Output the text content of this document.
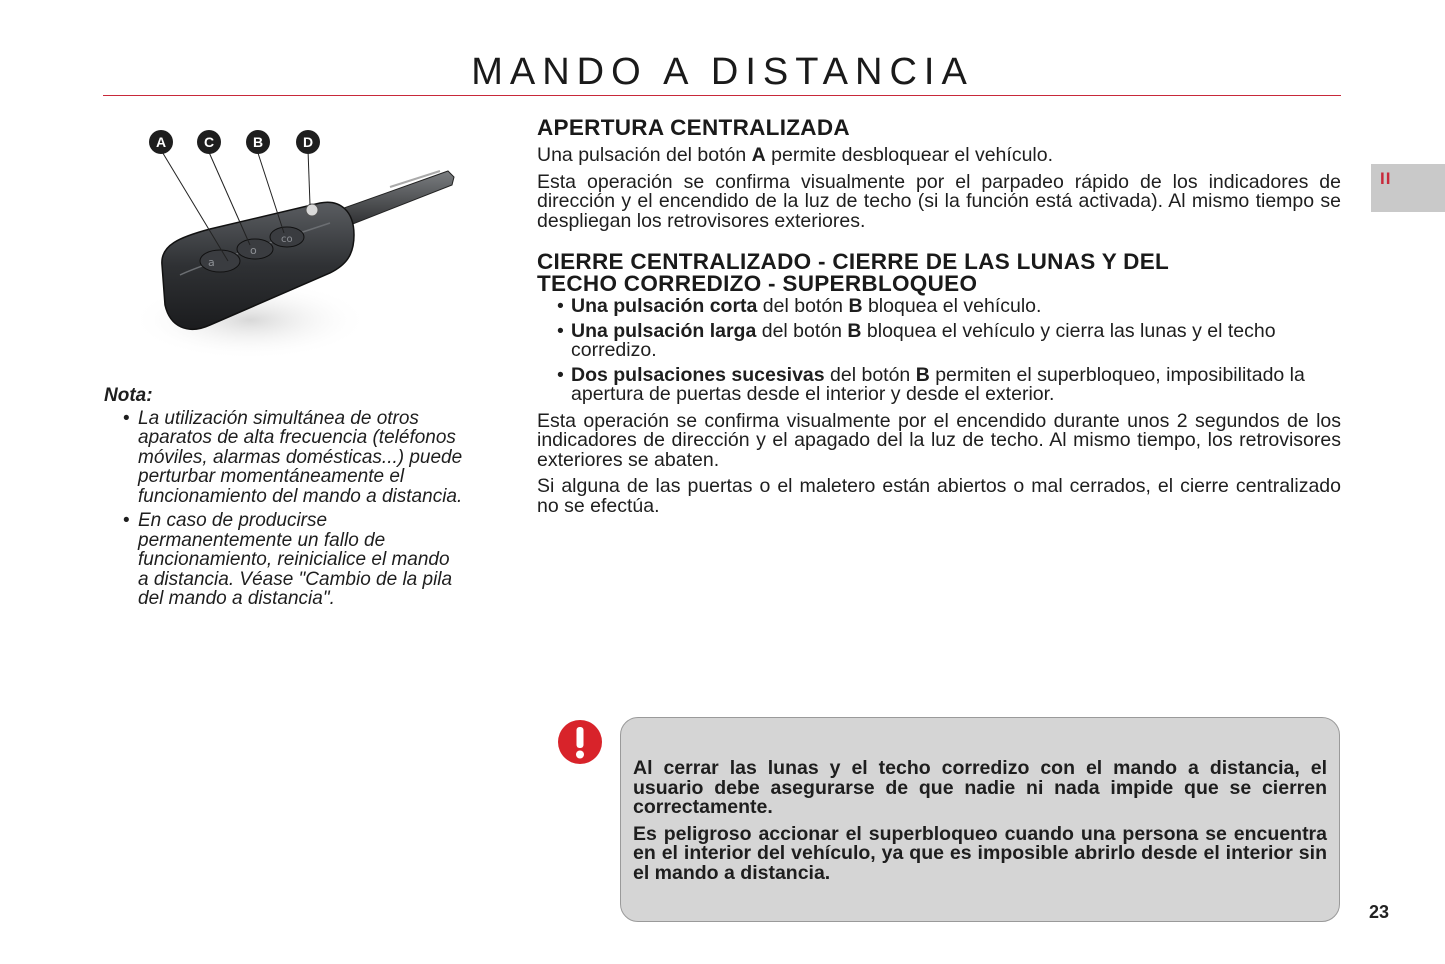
MANDO A DISTANCIA
II
a
o
co
A	C	B	D
Nota:
• La utilización simultánea de otros aparatos de alta frecuencia (teléfonos móviles, alarmas domésticas...) puede perturbar momentáneamente el funcionamiento del mando a distancia.
• En caso de producirse permanentemente un fallo de funcionamiento, reinicialice el mando a distancia. Véase "Cambio de la pila del mando a distancia".
APERTURA CENTRALIZADA

Una pulsación del botón A permite desbloquear el vehículo.

Esta operación se confirma visualmente por el parpadeo rápido de los indicadores de dirección y el encendido de la luz de techo (si la función está activada). Al mismo tiempo se despliegan los retrovisores exteriores.

CIERRE CENTRALIZADO - CIERRE DE LAS LUNAS Y DEL
TECHO CORREDIZO - SUPERBLOQUEO
• Una pulsación corta del botón B bloquea el vehículo.
• Una pulsación larga del botón B bloquea el vehículo y cierra las lunas y el techo corredizo.
• Dos pulsaciones sucesivas del botón B permiten el superbloqueo, imposibilitado la apertura de puertas desde el interior y desde el exterior.

Esta operación se confirma visualmente por el encendido durante unos 2 segundos de los indicadores de dirección y el apagado del la luz de techo. Al mismo tiempo, los retrovisores exteriores se abaten.

Si alguna de las puertas o el maletero están abiertos o mal cerrados, el cierre centralizado no se efectúa.

Al cerrar las lunas y el techo corredizo con el mando a distancia, el usuario debe asegurarse de que nadie ni nada impide que se cierren correctamente.

Es peligroso accionar el superbloqueo cuando una persona se encuentra en el interior del vehículo, ya que es imposible abrirlo desde el interior sin el mando a distancia.

23
